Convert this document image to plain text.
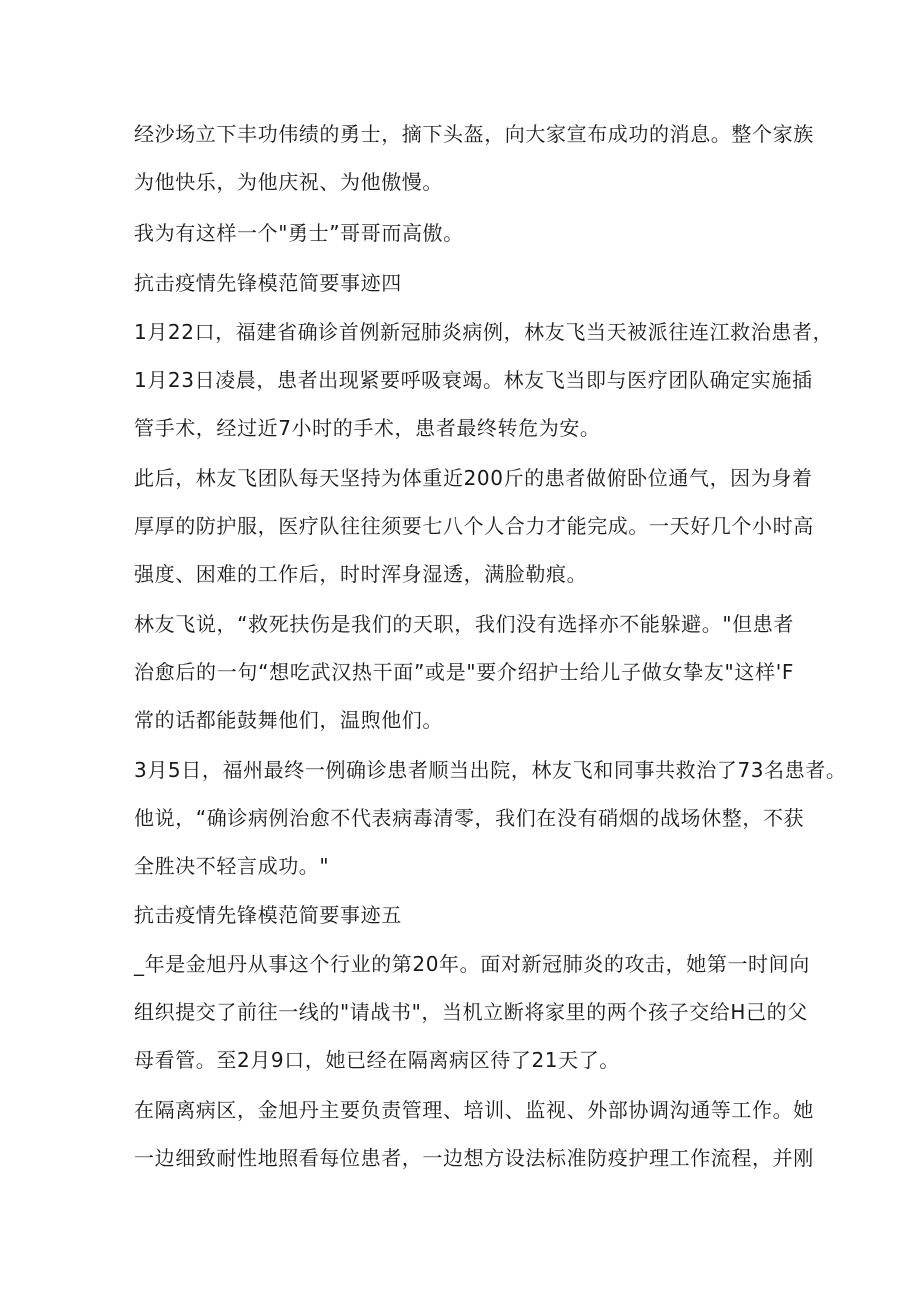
经沙场立下丰功伟绩的勇士，摘下头盔，向大家宣布成功的消息。整个家族
为他快乐，为他庆祝、为他傲慢。
我为有这样一个"勇士”哥哥而高傲。
抗击疫情先锋模范简要事迹四
1月22口，福建省确诊首例新冠肺炎病例，林友飞当天被派往连江救治患者，
1月23日凌晨，患者出现紧要呼吸衰竭。林友飞当即与医疗团队确定实施插
管手术，经过近7小时的手术，患者最终转危为安。
此后，林友飞团队每天坚持为体重近200斤的患者做俯卧位通气，因为身着
厚厚的防护服，医疗队往往须要七八个人合力才能完成。一天好几个小时高
强度、困难的工作后，时时浑身湿透，满脸勒痕。
林友飞说，“救死扶伤是我们的天职，我们没有选择亦不能躲避。"但患者
治愈后的一句“想吃武汉热干面”或是"要介绍护士给儿子做女挚友"这样'F
常的话都能鼓舞他们，温煦他们。
3月5日，福州最终一例确诊患者顺当出院，林友飞和同事共救治了73名患者。
他说，“确诊病例治愈不代表病毒清零，我们在没有硝烟的战场休整，不获
全胜决不轻言成功。"
抗击疫情先锋模范简要事迹五
_年是金旭丹从事这个行业的第20年。面对新冠肺炎的攻击，她第一时间向
组织提交了前往一线的"请战书"，当机立断将家里的两个孩子交给H己的父
母看管。至2月9口，她已经在隔离病区待了21天了。
在隔离病区，金旭丹主要负责管理、培训、监视、外部协调沟通等工作。她
一边细致耐性地照看每位患者，一边想方设法标准防疫护理工作流程，并刚
